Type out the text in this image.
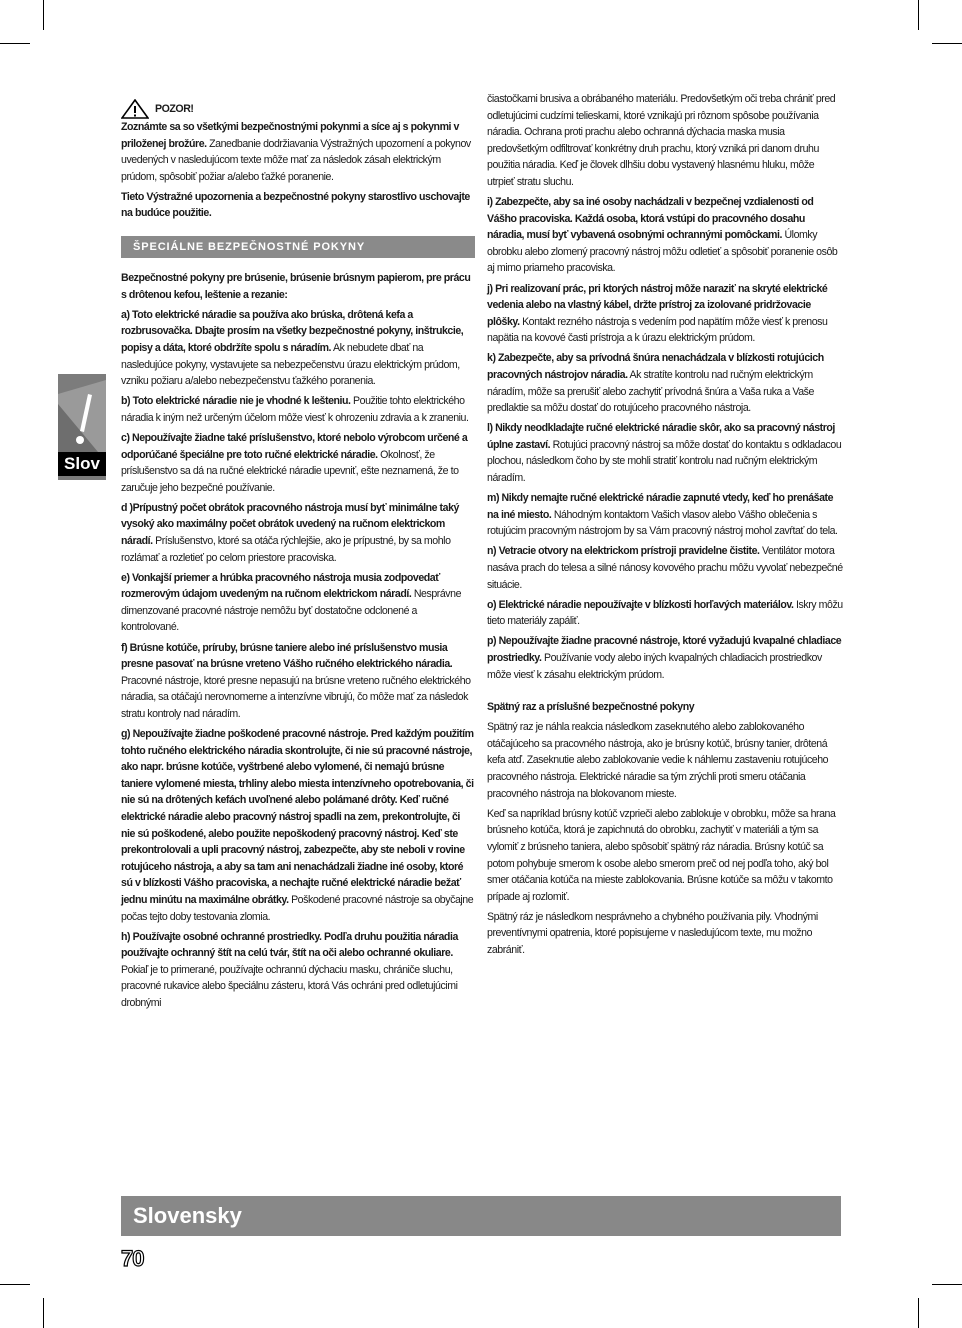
Slov
POZOR!

Zoznámte sa so všetkými bezpečnostnými pokynmi a síce aj s pokynmi v priloženej brožúre. Zanedbanie dodržiavania Výstražných upozornení a pokynov uvedených v nasledujúcom texte môže mať za následok zásah elektrickým prúdom, spôsobiť požiar a/alebo ťažké poranenie.

Tieto Výstražné upozornenia a bezpečnostné pokyny starostlivo uschovajte na budúce použitie.

ŠPECIÁLNE BEZPEČNOSTNÉ POKYNY

Bezpečnostné pokyny pre brúsenie, brúsenie brúsnym papierom, pre prácu s drôtenou kefou, leštenie a rezanie:

a) Toto elektrické náradie sa používa ako brúska, drôtená kefa a rozbrusovačka. Dbajte prosím na všetky bezpečnostné pokyny, inštrukcie, popisy a dáta, ktoré obdržíte spolu s náradím. Ak nebudete dbať na nasledujúce pokyny, vystavujete sa nebezpečenstvu úrazu elektrickým prúdom, vzniku požiaru a/alebo nebezpečenstvu ťažkého poranenia.

b) Toto elektrické náradie nie je vhodné k lešteniu. Použitie tohto elektrického náradia k iným než určeným účelom môže viesť k ohrozeniu zdravia a k zraneniu.

c) Nepoužívajte žiadne také príslušenstvo, ktoré nebolo výrobcom určené a odporúčané špeciálne pre toto ručné elektrické náradie. Okolnosť, že príslušenstvo sa dá na ručné elektrické náradie upevniť, ešte neznamená, že to zaručuje jeho bezpečné používanie.

d )Prípustný počet obrátok pracovného nástroja musí byť minimálne taký vysoký ako maximálny počet obrátok uvedený na ručnom elektrickom náradí. Príslušenstvo, ktoré sa otáča rýchlejšie, ako je prípustné, by sa mohlo rozlámať a rozletieť po celom priestore pracoviska.

e) Vonkajší priemer a hrúbka pracovného nástroja musia zodpovedať rozmerovým údajom uvedeným na ručnom elektrickom náradí. Nesprávne dimenzované pracovné nástroje nemôžu byť dostatočne odclonené a kontrolované.

f) Brúsne kotúče, príruby, brúsne taniere alebo iné príslušenstvo musia presne pasovať na brúsne vreteno Vášho ručného elektrického náradia. Pracovné nástroje, ktoré presne nepasujú na brúsne vreteno ručného elektrického náradia, sa otáčajú nerovnomerne a intenzívne vibrujú, čo môže mať za následok stratu kontroly nad náradím.

g) Nepoužívajte žiadne poškodené pracovné nástroje. Pred každým použitím tohto ručného elektrického náradia skontrolujte, či nie sú pracovné nástroje, ako napr. brúsne kotúče, vyštrbené alebo vylomené, či nemajú brúsne taniere vylomené miesta, trhliny alebo miesta intenzívneho opotrebovania, či nie sú na drôtených kefách uvoľnené alebo polámané drôty. Keď ručné elektrické náradie alebo pracovný nástroj spadli na zem, prekontrolujte, či nie sú poškodené, alebo použite nepoškodený pracovný nástroj. Keď ste prekontrolovali a upli pracovný nástroj, zabezpečte, aby ste neboli v rovine rotujúceho nástroja, a aby sa tam ani nenachádzali žiadne iné osoby, ktoré sú v blízkosti Vášho pracoviska, a nechajte ručné elektrické náradie bežať jednu minútu na maximálne obrátky. Poškodené pracovné nástroje sa obyčajne počas tejto doby testovania zlomia.

h) Používajte osobné ochranné prostriedky. Podľa druhu použitia náradia používajte ochranný štít na celú tvár, štít na oči alebo ochranné okuliare. Pokiaľ je to primerané, používajte ochrannú dýchaciu masku, chrániče sluchu, pracovné rukavice alebo špeciálnu zásteru, ktorá Vás ochráni pred odletujúcimi drobnými

čiastočkami brusiva a obrábaného materiálu. Predovšetkým oči treba chrániť pred odletujúcimi cudzími telieskami, ktoré vznikajú pri rôznom spôsobe používania náradia. Ochrana proti prachu alebo ochranná dýchacia maska musia predovšetkým odfiltrovať konkrétny druh prachu, ktorý vzniká pri danom druhu použitia náradia. Keď je človek dlhšiu dobu vystavený hlasnému hluku, môže utrpieť stratu sluchu.

i) Zabezpečte, aby sa iné osoby nachádzali v bezpečnej vzdialenosti od Vášho pracoviska. Každá osoba, ktorá vstúpi do pracovného dosahu náradia, musí byť vybavená osobnými ochrannými pomôckami. Úlomky obrobku alebo zlomený pracovný nástroj môžu odletieť a spôsobiť poranenie osôb aj mimo priameho pracoviska.

j) Pri realizovaní prác, pri ktorých nástroj môže naraziť na skryté elektrické vedenia alebo na vlastný kábel, držte prístroj za izolované pridržovacie plôšky. Kontakt rezného nástroja s vedením pod napätím môže viesť k prenosu napätia na kovové časti prístroja a k úrazu elektrickým prúdom.

k) Zabezpečte, aby sa prívodná šnúra nenachádzala v blízkosti rotujúcich pracovných nástrojov náradia. Ak stratíte kontrolu nad ručným elektrickým náradím, môže sa prerušiť alebo zachytiť prívodná šnúra a Vaša ruka a Vaše predlaktie sa môžu dostať do rotujúceho pracovného nástroja.

l) Nikdy neodkladajte ručné elektrické náradie skôr, ako sa pracovný nástroj úplne zastaví. Rotujúci pracovný nástroj sa môže dostať do kontaktu s odkladacou plochou, následkom čoho by ste mohli stratiť kontrolu nad ručným elektrickým náradím.

m) Nikdy nemajte ručné elektrické náradie zapnuté vtedy, keď ho prenášate na iné miesto. Náhodným kontaktom Vašich vlasov alebo Vášho oblečenia s rotujúcim pracovným nástrojom by sa Vám pracovný nástroj mohol zavŕtať do tela.

n) Vetracie otvory na elektrickom prístroji pravidelne čistite. Ventilátor motora nasáva prach do telesa a silné nánosy kovového prachu môžu vyvolať nebezpečné situácie.

o) Elektrické náradie nepoužívajte v blízkosti horľavých materiálov. Iskry môžu tieto materiály zapáliť.

p) Nepoužívajte žiadne pracovné nástroje, ktoré vyžadujú kvapalné chladiace prostriedky. Používanie vody alebo iných kvapalných chladiacich prostriedkov môže viesť k zásahu elektrickým prúdom.

Spätný raz a príslušné bezpečnostné pokyny

Spätný raz je náhla reakcia následkom zaseknutého alebo zablokovaného otáčajúceho sa pracovného nástroja, ako je brúsny kotúč, brúsny tanier, drôtená kefa atď. Zaseknutie alebo zablokovanie vedie k náhlemu zastaveniu rotujúceho pracovného nástroja. Elektrické náradie sa tým zrýchli proti smeru otáčania pracovného nástroja na blokovanom mieste.

Keď sa napríklad brúsny kotúč vzprieči alebo zablokuje v obrobku, môže sa hrana brúsneho kotúča, ktorá je zapichnutá do obrobku, zachytiť v materiáli a tým sa vylomiť z brúsneho taniera, alebo spôsobiť spätný ráz náradia. Brúsny kotúč sa potom pohybuje smerom k osobe alebo smerom preč od nej podľa toho, aký bol smer otáčania kotúča na mieste zablokovania. Brúsne kotúče sa môžu v takomto prípade aj rozlomiť.

Spätný ráz je následkom nesprávneho a chybného používania pily. Vhodnými preventívnymi opatrenia, ktoré popisujeme v nasledujúcom texte, mu možno zabrániť.

Slovensky
70
